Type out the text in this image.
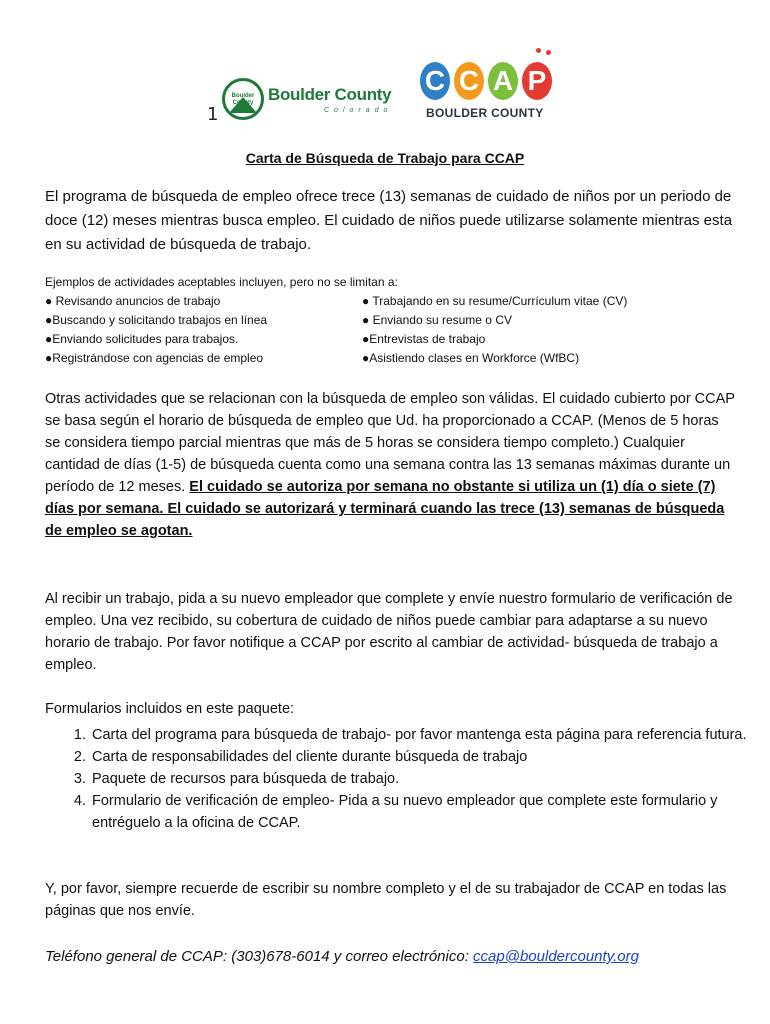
Boulder County Boulder County
Colorado
1
C C A P
BOULDER COUNTY
Carta de Búsqueda de Trabajo para CCAP
El programa de búsqueda de empleo ofrece trece (13) semanas de cuidado de niños por un periodo de doce (12) meses mientras busca empleo. El cuidado de niños puede utilizarse solamente mientras esta en su actividad de búsqueda de trabajo.
Ejemplos de actividades aceptables incluyen, pero no se limitan a:
● Revisando anuncios de trabajo
●Buscando y solicitando trabajos en línea
●Enviando solicitudes para trabajos.
●Registrándose con agencias de empleo
● Trabajando en su resume/Currículum vitae (CV)
● Enviando su resume o CV
●Entrevistas de trabajo
●Asistiendo clases en Workforce (WfBC)
Otras actividades que se relacionan con la búsqueda de empleo son válidas. El cuidado cubierto por CCAP se basa según el horario de búsqueda de empleo que Ud. ha proporcionado a CCAP. (Menos de 5 horas se considera tiempo parcial mientras que más de 5 horas se considera tiempo completo.) Cualquier cantidad de días (1-5) de búsqueda cuenta como una semana contra las 13 semanas máximas durante un período de 12 meses. El cuidado se autoriza por semana no obstante si utiliza un (1) día o siete (7) días por semana. El cuidado se autorizará y terminará cuando las trece (13) semanas de búsqueda de empleo se agotan.
Al recibir un trabajo, pida a su nuevo empleador que complete y envíe nuestro formulario de verificación de empleo. Una vez recibido, su cobertura de cuidado de niños puede cambiar para adaptarse a su nuevo horario de trabajo. Por favor notifique a CCAP por escrito al cambiar de actividad- búsqueda de trabajo a empleo.
Formularios incluidos en este paquete:
1. Carta del programa para búsqueda de trabajo- por favor mantenga esta página para referencia futura.
2. Carta de responsabilidades del cliente durante búsqueda de trabajo
3. Paquete de recursos para búsqueda de trabajo.
4. Formulario de verificación de empleo- Pida a su nuevo empleador que complete este formulario y entréguelo a la oficina de CCAP.
Y, por favor, siempre recuerde de escribir su nombre completo y el de su trabajador de CCAP en todas las páginas que nos envíe.
Teléfono general de CCAP: (303)678-6014 y correo electrónico: ccap@bouldercounty.org
